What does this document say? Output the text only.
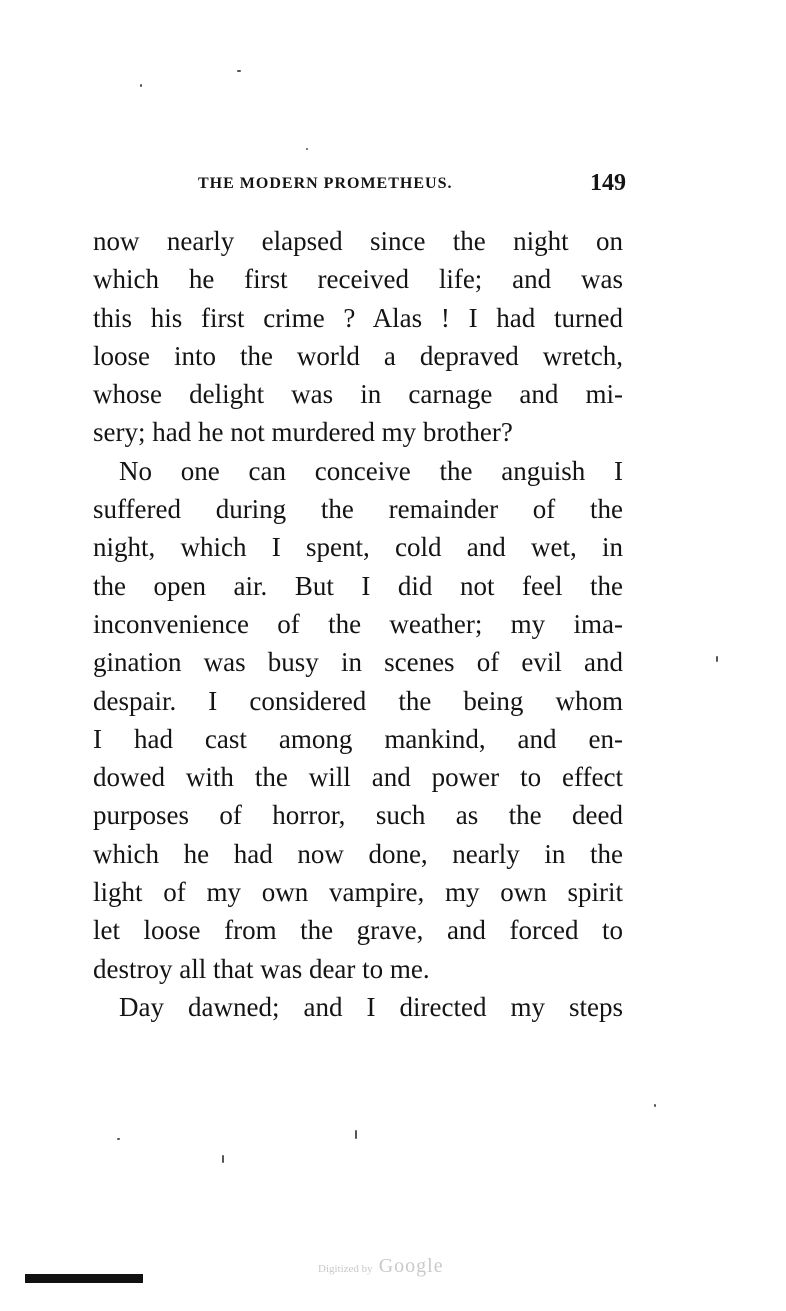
THE MODERN PROMETHEUS.	149
now nearly elapsed since the night on
which he first received life; and was
this his first crime ? Alas ! I had turned
loose into the world a depraved wretch,
whose delight was in carnage and mi-
sery; had he not murdered my brother?
No one can conceive the anguish I
suffered during the remainder of the
night, which I spent, cold and wet, in
the open air. But I did not feel the
inconvenience of the weather; my ima-
gination was busy in scenes of evil and
despair. I considered the being whom
I had cast among mankind, and en-
dowed with the will and power to effect
purposes of horror, such as the deed
which he had now done, nearly in the
light of my own vampire, my own spirit
let loose from the grave, and forced to
destroy all that was dear to me.
Day dawned; and I directed my steps
Digitized by Google
